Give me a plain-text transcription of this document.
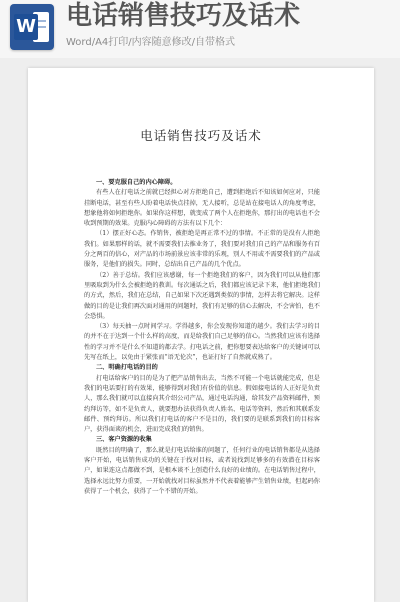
W 电话销售技巧及话术
Word/A4打印/内容随意修改/自带格式
电话销售技巧及话术

一、要克服自己的内心障碍。

有些人在打电话之前就已经担心对方拒绝自己，遭到拒绝后不知该如何应对，只能挂断电话，甚至有些人盼着电话快点挂掉，无人接听，总是站在接电话人的角度考虑，想象他将如何拒绝你。如果你这样想，就变成了两个人在拒绝你，那打出的电话也不会收到预期的效果。克服内心障碍的方法有以下几个：

（1）摆正好心态。作销售，被拒绝是再正常不过的事情。不正常的是没有人拒绝我们。如果那样的话，就不需要我们去推业务了，我们要对我们自己的产品和服务有百分之两百的信心，对产品的市场前景应该非常的乐观，别人不用或不需要我们的产品或服务，是他们的损失。同时，总结出自己产品的几个优点。

（2）善于总结。我们应该感谢，每一个拒绝我们的客户，因为我们可以从他们那里吸取到为什么会被拒绝的教训。每次通话之后，我们都应该记录下来，他们拒绝我们的方式，然后，我们在总结，自己如果下次还遇到类似的事情，怎样去将它解决。这样做的目的是让我们再次面对通用的问题时，我们有足够的信心去解决，不会害怕，也不会恐惧。

（3）每天抽一点时间学习。学得越多，你会发现你知道的越少。我们去学习的目的并不在于达到一个什么样的高度，而是给我们自己足够的信心。当然我们应该有选择性的学习并不是什么不知道的都去学。打电话之前，把你想要表达给客户的关键词可以先写在纸上，以免由于紧张而“语无伦次”，也证打好了自然就成熟了。

二、明确打电话的目的

打电话给客户的目的是为了把产品销售出去，当然不可能一个电话就能完成，但是我们的电话要打的有效果，能够得到对我们有价值的信息。假如接电话的人正好是负责人，那么我们就可以直接向其介绍公司产品，通过电话沟通，给其发产品资料邮件，预约拜访等，如不是负责人，就要想办法获得负责人姓名、电话等资料，然后和其联系发邮件、预约拜访。所以我们打电话的客户不是目的，我们要的是联系到我们的目标客户，获得面谈的机会，进而完成我们的销售。

三、客户资源的收集

既然目的明确了，那么就是打电话给谁的问题了，任何行业的电话销售都是从选择客户开始，电话销售成功的关键在于找对目标，或者说找到足够多的有效潜在目标客户，如果连这点都做不到，是根本谈不上创造什么良好的业绩的。在电话销售过程中，选择永远比努力重要，一开始就找对目标虽然并不代表着能够产生销售业绩，但起码你获得了一个机会，获得了一个不错的开始。
